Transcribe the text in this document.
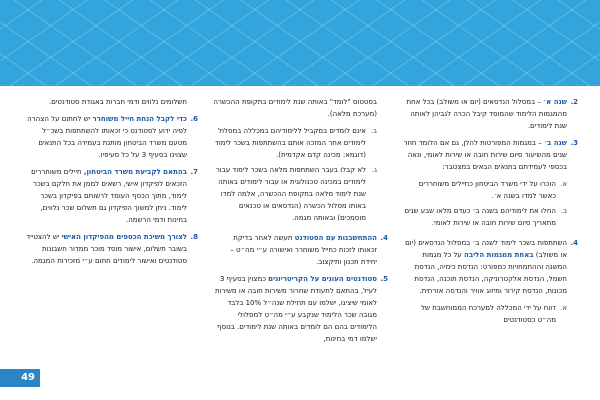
2.
שנה א׳ – במסלול הנדסאים (יום או משולב) בכל אחת מהמגמות הלימוד שהמוסד קיבל הכרה לגביהן לאותה שנת לימודים.
3.
שנה ב׳ – במגמות המפורטות להלן, גם אם הלומד חוזר שנים מהשיעור סיום שירות חובה או שירות לאומי, ונאה בכספי לעמידתם בתנאים הבאים במצטבר:
א.
הוכרו על ידי משרד הביטחון כחיילים משוחררים כאשר למדו בשנה א׳.
ב.
החלו את לימודיהם בשנה ב׳ כעדם מלאו שבע שנים מתאריך סיום שירות חובה או שירות לאומי.
4.
השתתפות בשכר לימוד לשנה ב׳ במסלול הנדסאים (יום או משולב) באחת ממגמות הליבה על כל מגמות המשנה וההתמחויות כמפורט: הנדסת כימיה, הנדסת חשמל, הנדסת אלקטרוניקה, הנדסת תוכנה, הנדסת מכונות, הנדסת קירור ומיזוג אוויר והנדסה אזרחית.
א.
דווח על ידי המכללה למערכת הממוחשבת של מה״ט כסטודנטים
בסטטוס "לומד" באותה שנת לימודים בתקופת ההכשרה (מערכת מלאה).
ב.
אינם לומדים במקביל ללימודיהם במכללה במסלול לימודים אחר המזכה אותם בהשתתפות בשכר לימוד (דוגמא: מכינה קדם אקדמית).
ג.
לא קבלו בעבר השתתפות מלאה בשכר לימוד עבור לימודים במכינה טכנולוגית או עבור לימודים באותה שנת לימוד מלאה בתקופת ההכשרה, אלמה למדו באותו מסלול הכשרה (הנדסאים או טכנאים מוסמכים) ובאותה מגמה.
4.
ההתחשבנות עם הסטודנט תעשה לאחר בדיקת זכאותו לזכות כחייל משוחרר ואישורה ע״י מה״ט – יחידת תכנון ותיקצוב.
5.
סטודנטים העונים על הקריטריונים כמצוין בסעיף 3 לעיל, בהתאם לתעודת שחרור משירות חובה או משירות לאומי שיציגו, ישלמו עם תחילת שנה״ל 10% בלבד מגובה שכר הלימוד שנקבע ע״י מה״ט למסלולי הלימודים בהם הם לומדים באותה שנת לימודים. בנוסף ישלמו דמי בחינות,
תשלומים נלווים ודמי חברות באגודת סטודנטים.
6.
כדי לקבל הנחת חייל משוחרר יש לחתום על הצהרה לפיה ידוע לסטודנט כי זכאותו להשתתפות בשכ״ל מטעם משרד הביטחון מותנת בעמידה בכל התנאים שצוינו בסעיף 3 על כל סעיפיו.
7.
בהתאם לקביעת משרד הביטחון, חיילים משוחררים הזכאים לפיקדון אישי, רשאים לממן את חלקם בשכר לימוד, מתוך הכסף העומד לרשותם בפיקדון בשכר לימוד. ניתן למשוך הפיקדון גם תשלום שכר נלווים, בחינות ודמי הרשמה.
8.
לצורך משיכת הכספים מהפיקדון האישי יש להצטייד בשובר תשלום, אישור מוסד מוכר ממדור חשבונות סטודנטים ואישור לימודים חתום ע״י מזכירות המגמה.
49
